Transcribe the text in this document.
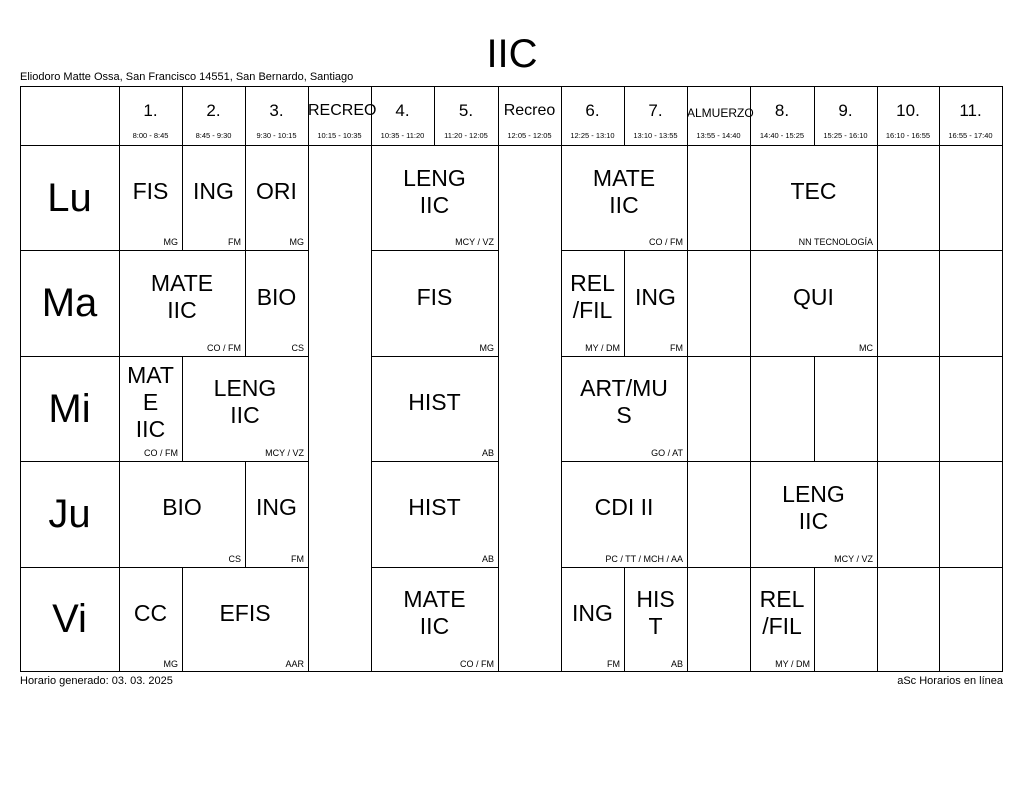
IIC
Eliodoro Matte Ossa, San Francisco 14551, San Bernardo, Santiago
1.
8:00 - 8:45
2.
8:45 - 9:30
3.
9:30 - 10:15
RECREO
10:15 - 10:35
4.
10:35 - 11:20
5.
11:20 - 12:05
Recreo
12:05 - 12:05
6.
12:25 - 13:10
7.
13:10 - 13:55
ALMUERZO
13:55 - 14:40
8.
14:40 - 15:25
9.
15:25 - 16:10
10.
16:10 - 16:55
11.
16:55 - 17:40
Lu
Ma
Mi
Ju
Vi
FIS
MG
ING
FM
ORI
MG
LENG
IIC
MCY / VZ
MATE
IIC
CO / FM
TEC
NN TECNOLOGÍA
MATE
IIC
CO / FM
BIO
CS
FIS
MG
REL
/FIL
MY / DM
ING
FM
QUI
MC
MAT
E
IIC
CO / FM
LENG
IIC
MCY / VZ
HIST
AB
ART/MU
S
GO / AT
BIO
CS
ING
FM
HIST
AB
CDI II
PC / TT / MCH / AA
LENG
IIC
MCY / VZ
CC
MG
EFIS
AAR
MATE
IIC
CO / FM
ING
FM
HIS
T
AB
REL
/FIL
MY / DM
Horario generado: 03. 03. 2025	aSc Horarios en línea
